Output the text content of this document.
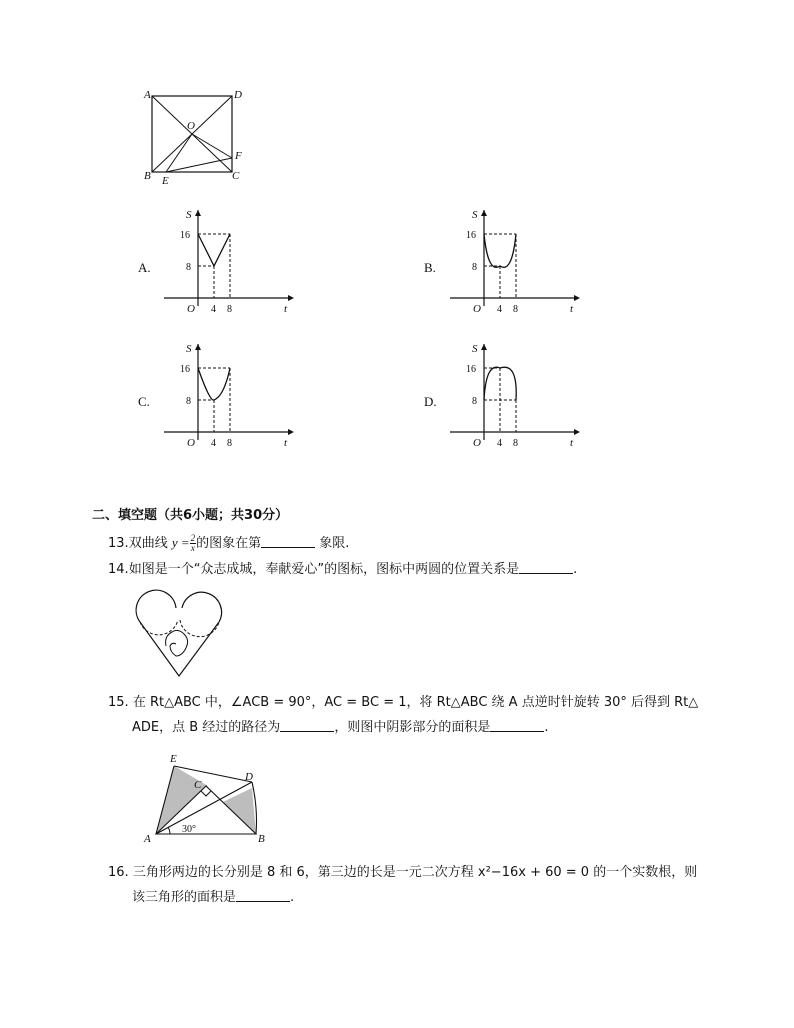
A	D
B	C
O
E
F
A.
S
t
O
16
8
4 8
B.
S
t
O
16
8
4 8
C.
S
t
O
16
8
4 8
D.
S
t
O
16
8
4 8
二、填空题（共6小题；共30分）
13.双曲线 $y = \frac{2}{x}$ 的图象在第	象限.
14.如图是一个“众志成城，奉献爱心”的图标，图标中两圆的位置关系是	.
15. 在 Rt△ABC 中，∠ACB = 90°，AC = BC = 1，将 Rt△ABC 绕 A 点逆时针旋转 30° 后得到 Rt△
ADE，点 B 经过的路径为	，则图中阴影部分的面积是	.
E
C
D
A	B
30°
16. 三角形两边的长分别是 8 和 6，第三边的长是一元二次方程 x²−16x + 60 = 0 的一个实数根，则
该三角形的面积是	.
